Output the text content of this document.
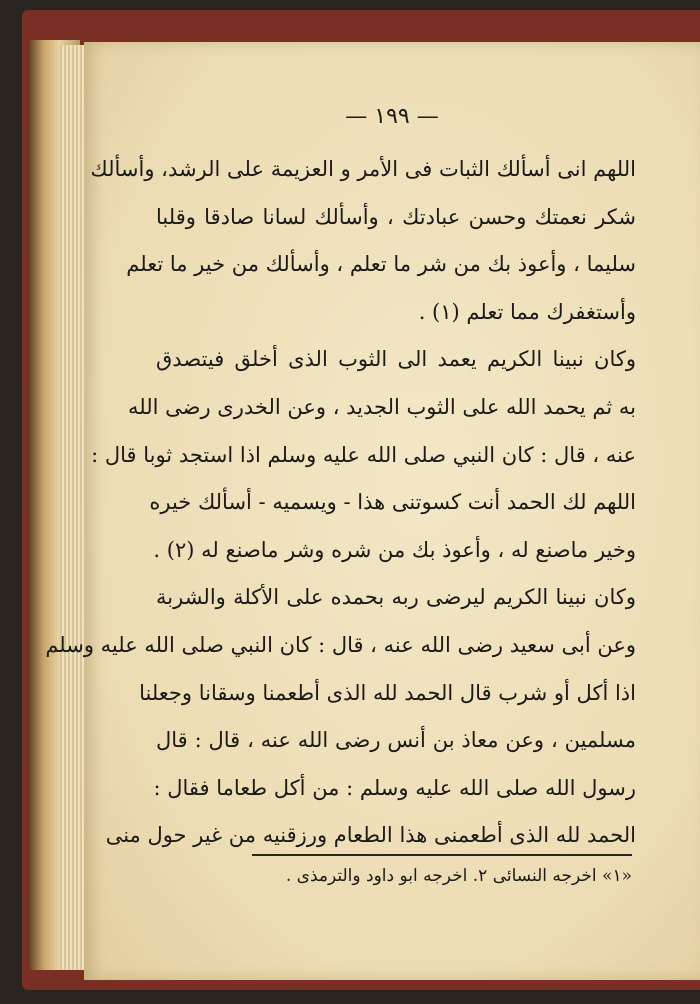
— ١٩٩ —
اللهم انى أسألك الثبات فى الأمر و العزيمة على الرشد، وأسألك
شكر نعمتك وحسن عبادتك ، وأسألك لسانا صادقا وقلبا
سليما ، وأعوذ بك من شر ما تعلم ، وأسألك من خير ما تعلم
وأستغفرك مما تعلم (١) .
وكان نبينا الكريم يعمد الى الثوب الذى أخلق فيتصدق
به ثم يحمد الله على الثوب الجديد ، وعن الخدرى رضى الله
عنه ، قال : كان النبي صلى الله عليه وسلم اذا استجد ثوبا قال :
اللهم لك الحمد أنت كسوتنى هذا - ويسميه - أسألك خيره
وخير ماصنع له ، وأعوذ بك من شره وشر ماصنع له (٢) .
وكان نبينا الكريم ليرضى ربه بحمده على الأكلة والشربة
وعن أبى سعيد رضى الله عنه ، قال : كان النبي صلى الله عليه وسلم
اذا أكل أو شرب قال الحمد لله الذى أطعمنا وسقانا وجعلنا
مسلمين ، وعن معاذ بن أنس رضى الله عنه ، قال : قال
رسول الله صلى الله عليه وسلم : من أكل طعاما فقال :
الحمد لله الذى أطعمنى هذا الطعام ورزقنيه من غير حول منى
«١» اخرجه النسائى ٢. اخرجه ابو داود والترمذى .
